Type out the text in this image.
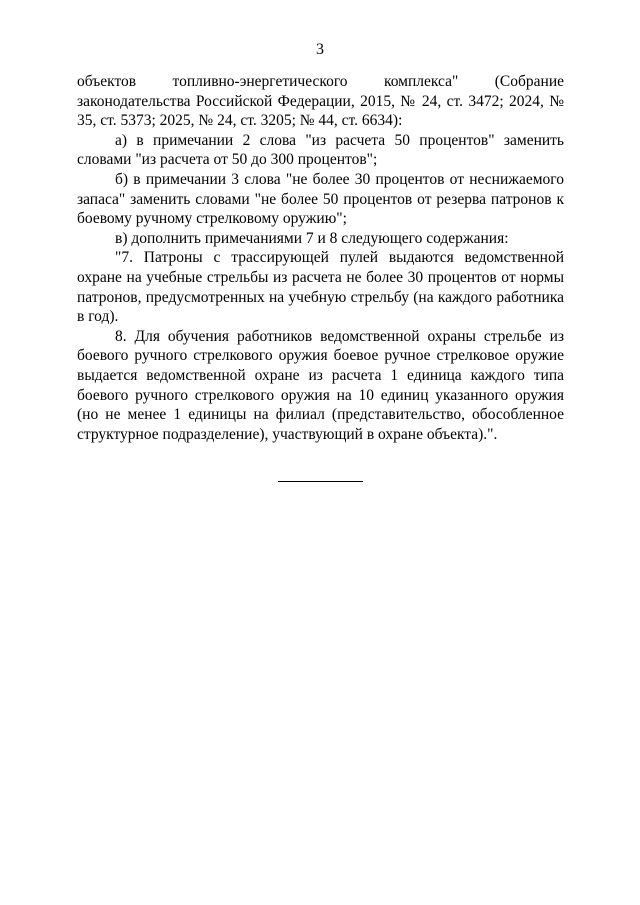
3

объектов топливно-энергетического комплекса" (Собрание законодательства Российской Федерации, 2015, № 24, ст. 3472; 2024, № 35, ст. 5373; 2025, № 24, ст. 3205; № 44, ст. 6634):

а) в примечании 2 слова "из расчета 50 процентов" заменить словами "из расчета от 50 до 300 процентов";

б) в примечании 3 слова "не более 30 процентов от неснижаемого запаса" заменить словами "не более 50 процентов от резерва патронов к боевому ручному стрелковому оружию";

в) дополнить примечаниями 7 и 8 следующего содержания:

"7. Патроны с трассирующей пулей выдаются ведомственной охране на учебные стрельбы из расчета не более 30 процентов от нормы патронов, предусмотренных на учебную стрельбу (на каждого работника в год).

8. Для обучения работников ведомственной охраны стрельбе из боевого ручного стрелкового оружия боевое ручное стрелковое оружие выдается ведомственной охране из расчета 1 единица каждого типа боевого ручного стрелкового оружия на 10 единиц указанного оружия (но не менее 1 единицы на филиал (представительство, обособленное структурное подразделение), участвующий в охране объекта).".
